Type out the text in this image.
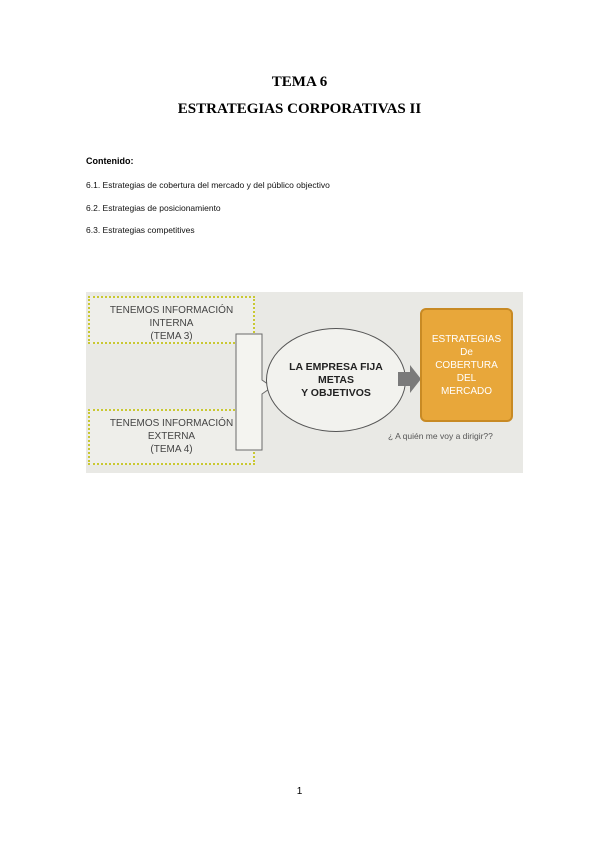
TEMA 6
ESTRATEGIAS CORPORATIVAS II
Contenido:
6.1. Estrategias de cobertura del mercado y del público objectivo
6.2. Estrategias de posicionamiento
6.3. Estrategias competitives
TENEMOS INFORMACIÓN
INTERNA
(TEMA 3)
TENEMOS INFORMACIÓN
EXTERNA
(TEMA 4)
LA EMPRESA FIJA
METAS
Y OBJETIVOS
ESTRATEGIAS
De
COBERTURA
DEL
MERCADO
¿ A quién me voy a dirigir??
1
